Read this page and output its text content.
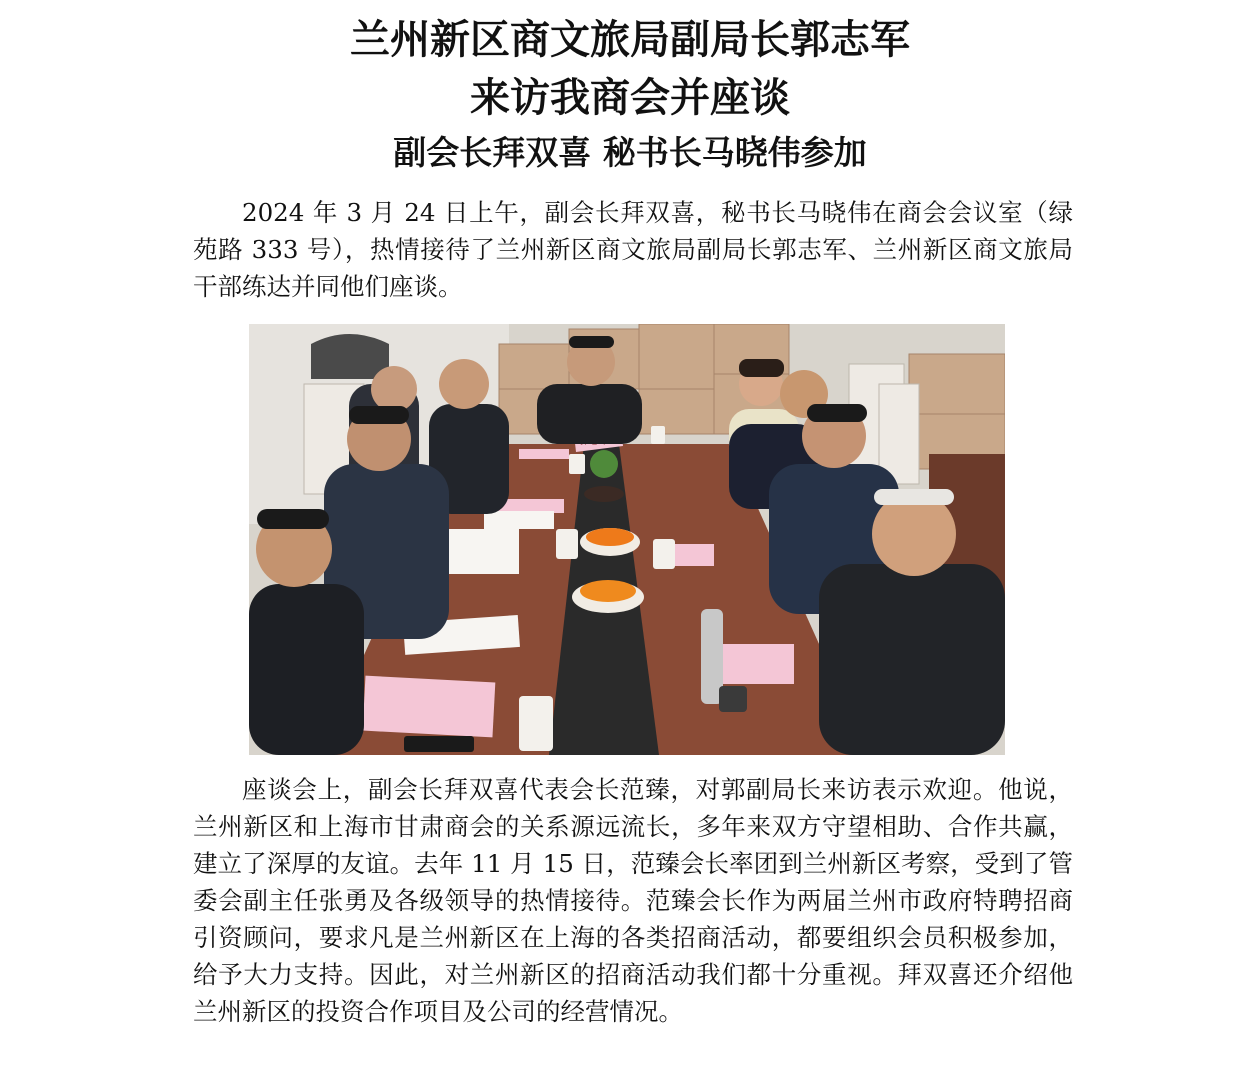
兰州新区商文旅局副局长郭志军
来访我商会并座谈
副会长拜双喜 秘书长马晓伟参加

2024 年 3 月 24 日上午，副会长拜双喜，秘书长马晓伟在商会会议室（绿苑路 333 号），热情接待了兰州新区商文旅局副局长郭志军、兰州新区商文旅局干部练达并同他们座谈。

座谈会上，副会长拜双喜代表会长范臻，对郭副局长来访表示欢迎。他说，兰州新区和上海市甘肃商会的关系源远流长，多年来双方守望相助、合作共赢，建立了深厚的友谊。去年 11 月 15 日，范臻会长率团到兰州新区考察，受到了管委会副主任张勇及各级领导的热情接待。范臻会长作为两届兰州市政府特聘招商引资顾问，要求凡是兰州新区在上海的各类招商活动，都要组织会员积极参加，给予大力支持。因此，对兰州新区的招商活动我们都十分重视。拜双喜还介绍他兰州新区的投资合作项目及公司的经营情况。
